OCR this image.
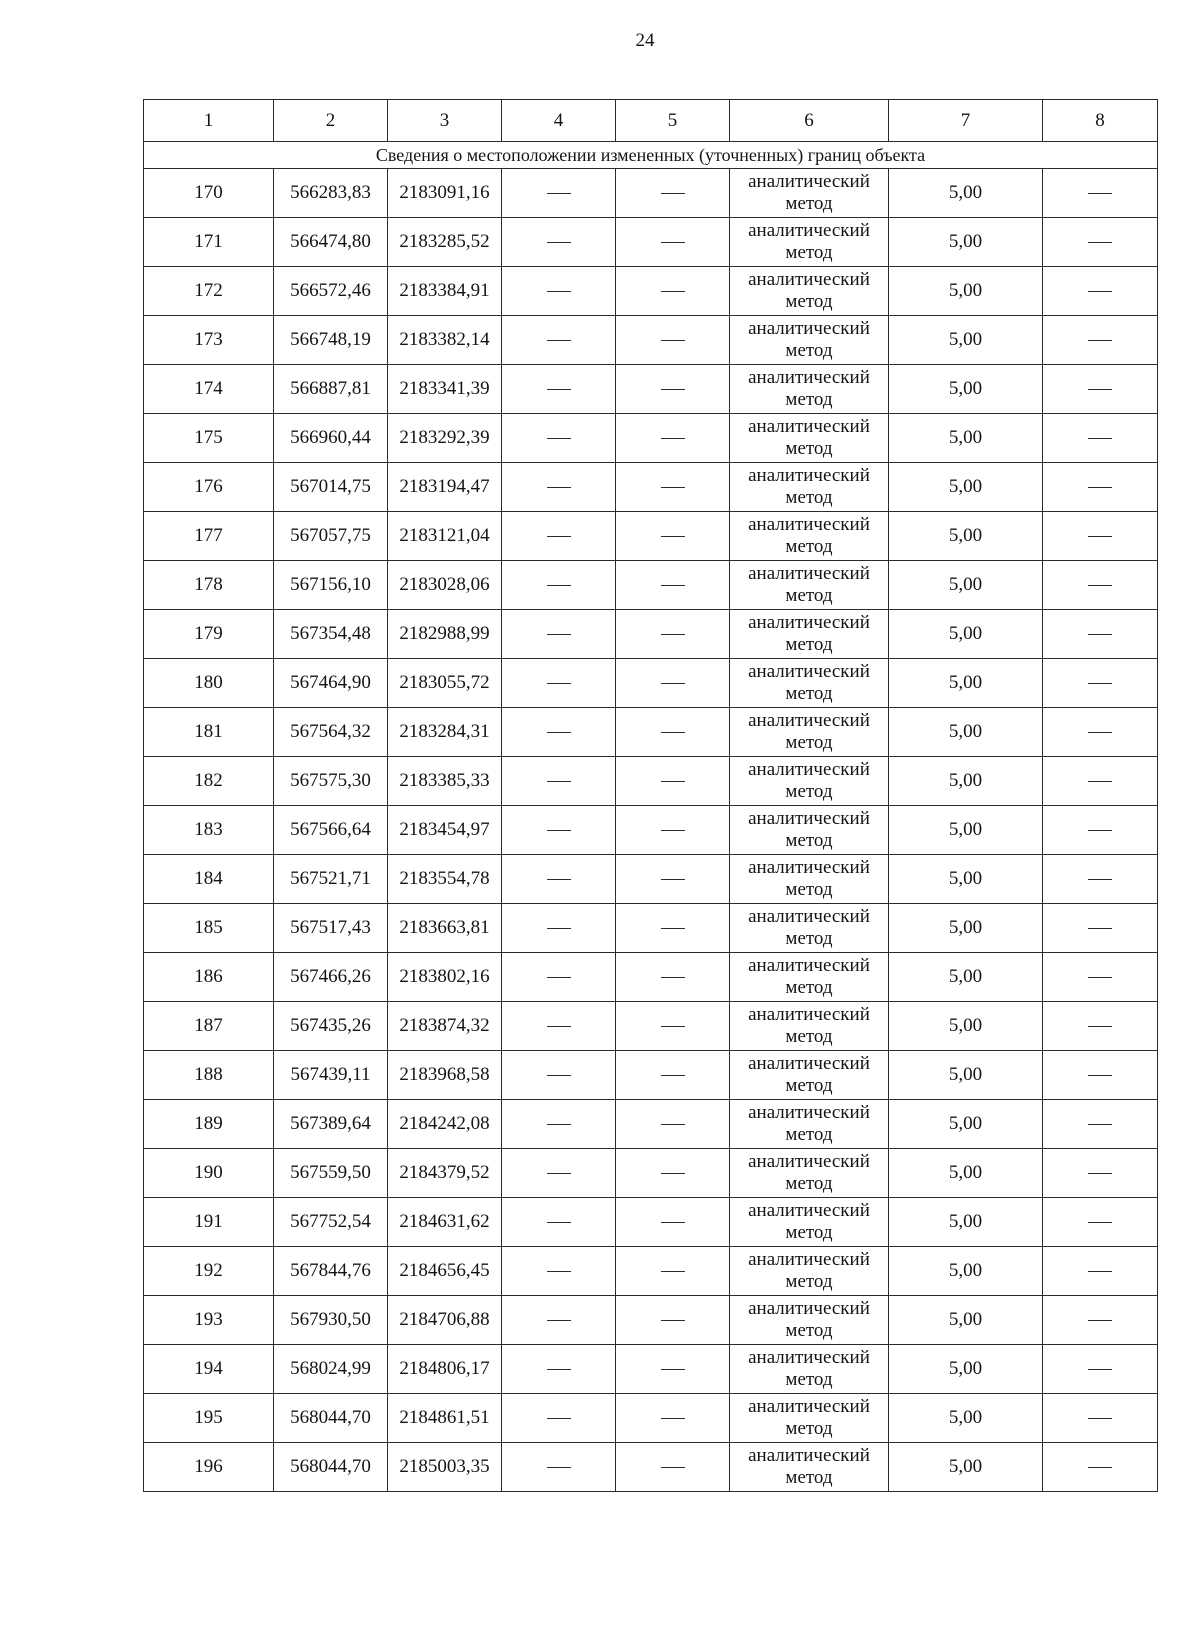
24
1	2	3	4	5	6	7	8
Сведения о местоположении измененных (уточненных) границ объекта							
170	566283,83	2183091,16			аналитический метод	5,00	
171	566474,80	2183285,52			аналитический метод	5,00	
172	566572,46	2183384,91			аналитический метод	5,00	
173	566748,19	2183382,14			аналитический метод	5,00	
174	566887,81	2183341,39			аналитический метод	5,00	
175	566960,44	2183292,39			аналитический метод	5,00	
176	567014,75	2183194,47			аналитический метод	5,00	
177	567057,75	2183121,04			аналитический метод	5,00	
178	567156,10	2183028,06			аналитический метод	5,00	
179	567354,48	2182988,99			аналитический метод	5,00	
180	567464,90	2183055,72			аналитический метод	5,00	
181	567564,32	2183284,31			аналитический метод	5,00	
182	567575,30	2183385,33			аналитический метод	5,00	
183	567566,64	2183454,97			аналитический метод	5,00	
184	567521,71	2183554,78			аналитический метод	5,00	
185	567517,43	2183663,81			аналитический метод	5,00	
186	567466,26	2183802,16			аналитический метод	5,00	
187	567435,26	2183874,32			аналитический метод	5,00	
188	567439,11	2183968,58			аналитический метод	5,00	
189	567389,64	2184242,08			аналитический метод	5,00	
190	567559,50	2184379,52			аналитический метод	5,00	
191	567752,54	2184631,62			аналитический метод	5,00	
192	567844,76	2184656,45			аналитический метод	5,00	
193	567930,50	2184706,88			аналитический метод	5,00	
194	568024,99	2184806,17			аналитический метод	5,00	
195	568044,70	2184861,51			аналитический метод	5,00	
196	568044,70	2185003,35			аналитический метод	5,00	
